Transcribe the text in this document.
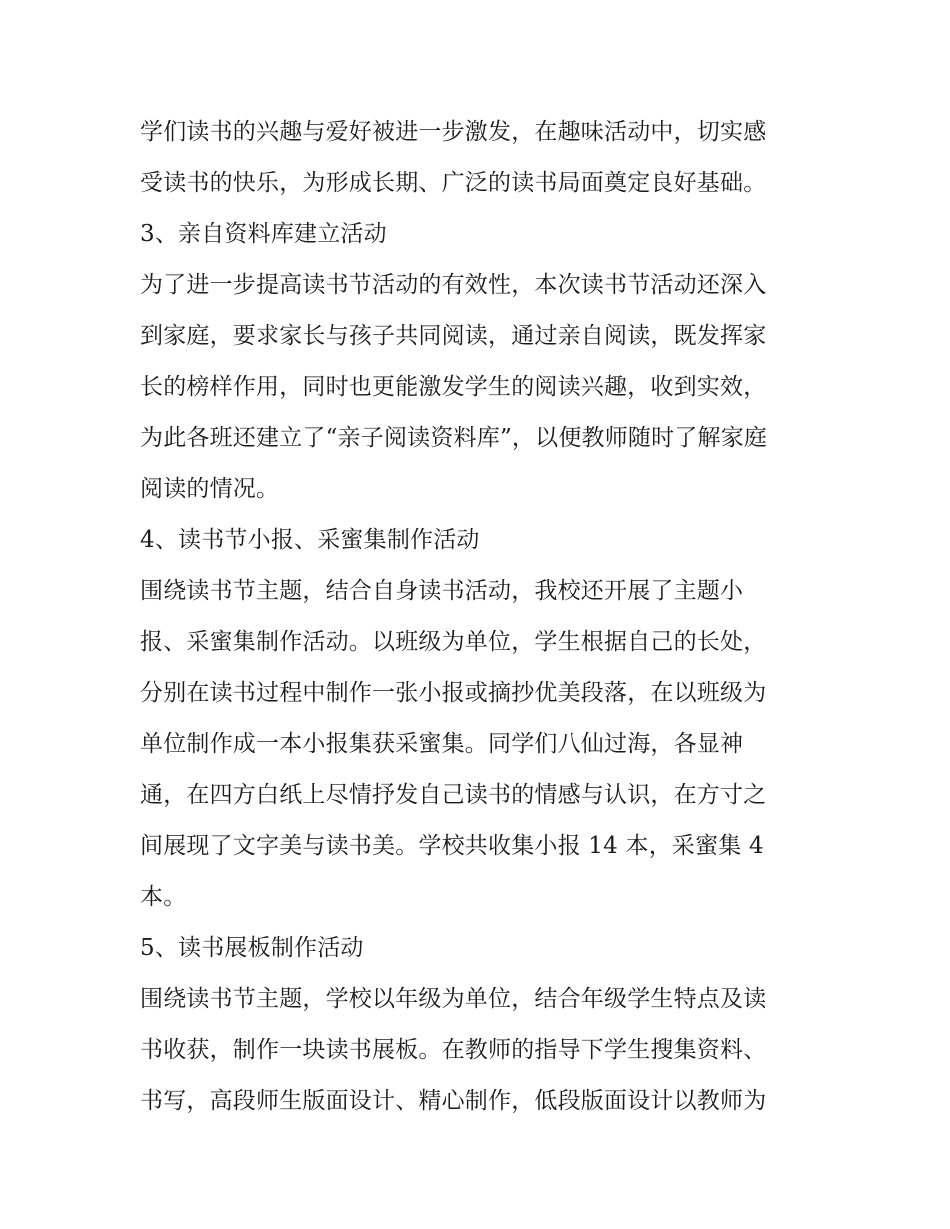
学们读书的兴趣与爱好被进一步激发，在趣味活动中，切实感
受读书的快乐，为形成长期、广泛的读书局面奠定良好基础。
3、亲自资料库建立活动
为了进一步提高读书节活动的有效性，本次读书节活动还深入
到家庭，要求家长与孩子共同阅读，通过亲自阅读，既发挥家
长的榜样作用，同时也更能激发学生的阅读兴趣，收到实效，
为此各班还建立了“亲子阅读资料库”，以便教师随时了解家庭
阅读的情况。
4、读书节小报、采蜜集制作活动
围绕读书节主题，结合自身读书活动，我校还开展了主题小
报、采蜜集制作活动。以班级为单位，学生根据自己的长处，
分别在读书过程中制作一张小报或摘抄优美段落，在以班级为
单位制作成一本小报集获采蜜集。同学们八仙过海，各显神
通，在四方白纸上尽情抒发自己读书的情感与认识，在方寸之
间展现了文字美与读书美。学校共收集小报 14 本，采蜜集 4
本。
5、读书展板制作活动
围绕读书节主题，学校以年级为单位，结合年级学生特点及读
书收获，制作一块读书展板。在教师的指导下学生搜集资料、
书写，高段师生版面设计、精心制作，低段版面设计以教师为
